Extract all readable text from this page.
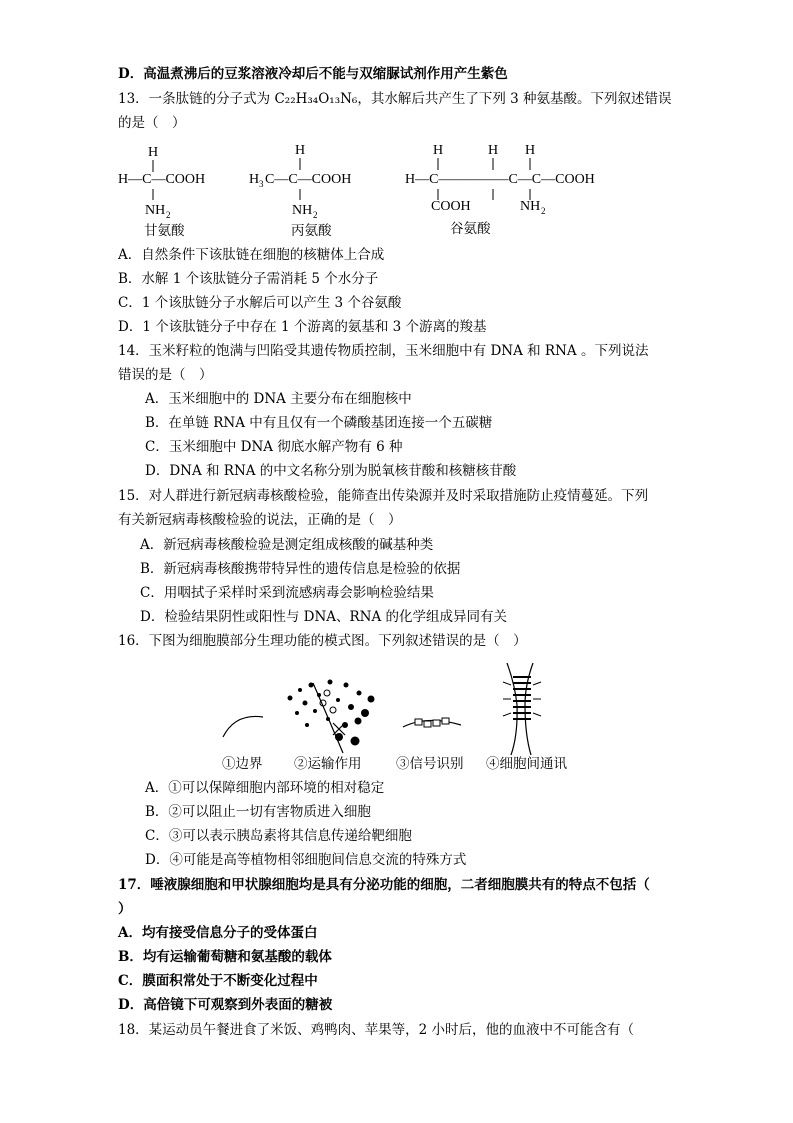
D．高温煮沸后的豆浆溶液冷却后不能与双缩脲试剂作用产生紫色
13．一条肽链的分子式为 C₂₂H₃₄O₁₃N₆，其水解后共产生了下列 3 种氨基酸。下列叙述错误
的是（　）
H
H—C—COOH
NH 2
H
H 3 C—C—COOH
NH 2
H	H H
H—C—————C—C—COOH
COOH	NH 2
甘氨酸	丙氨酸	谷氨酸
A．自然条件下该肽链在细胞的核糖体上合成
B．水解 1 个该肽链分子需消耗 5 个水分子
C．1 个该肽链分子水解后可以产生 3 个谷氨酸
D．1 个该肽链分子中存在 1 个游离的氨基和 3 个游离的羧基
14．玉米籽粒的饱满与凹陷受其遗传物质控制，玉米细胞中有 DNA 和 RNA 。下列说法
错误的是（　）
A．玉米细胞中的 DNA 主要分布在细胞核中
B．在单链 RNA 中有且仅有一个磷酸基团连接一个五碳糖
C．玉米细胞中 DNA 彻底水解产物有 6 种
D．DNA 和 RNA 的中文名称分别为脱氧核苷酸和核糖核苷酸
15．对人群进行新冠病毒核酸检验，能筛查出传染源并及时采取措施防止疫情蔓延。下列
有关新冠病毒核酸检验的说法，正确的是（　）
A．新冠病毒核酸检验是测定组成核酸的碱基种类
B．新冠病毒核酸携带特异性的遗传信息是检验的依据
C．用咽拭子采样时采到流感病毒会影响检验结果
D．检验结果阴性或阳性与 DNA、RNA 的化学组成异同有关
16．下图为细胞膜部分生理功能的模式图。下列叙述错误的是（　）
①边界 ②运输作用	③信号识别 ④细胞间通讯
A．①可以保障细胞内部环境的相对稳定
B．②可以阻止一切有害物质进入细胞
C．③可以表示胰岛素将其信息传递给靶细胞
D．④可能是高等植物相邻细胞间信息交流的特殊方式
17．唾液腺细胞和甲状腺细胞均是具有分泌功能的细胞，二者细胞膜共有的特点不包括（
）
A．均有接受信息分子的受体蛋白
B．均有运输葡萄糖和氨基酸的载体
C．膜面积常处于不断变化过程中
D．高倍镜下可观察到外表面的糖被
18．某运动员午餐进食了米饭、鸡鸭肉、苹果等，2 小时后，他的血液中不可能含有（
